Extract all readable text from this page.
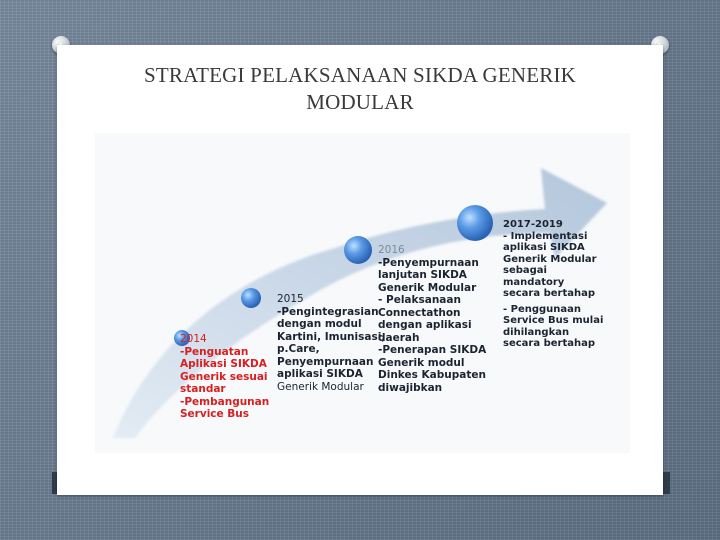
STRATEGI PELAKSANAAN SIKDA GENERIK
MODULAR
2014
-Penguatan
Aplikasi SIKDA
Generik sesuai
standar
-Pembangunan
Service Bus
2015
-Pengintegrasian
dengan modul
Kartini, Imunisasi,
p.Care,
Penyempurnaan
aplikasi SIKDA
Generik Modular
2016
-Penyempurnaan
lanjutan SIKDA
Generik Modular
- Pelaksanaan
Connectathon
dengan aplikasi
daerah
-Penerapan SIKDA
Generik modul
Dinkes Kabupaten
diwajibkan
2017-2019
- Implementasi
aplikasi SIKDA
Generik Modular
sebagai
mandatory
secara bertahap
- Penggunaan
Service Bus mulai
dihilangkan
secara bertahap
